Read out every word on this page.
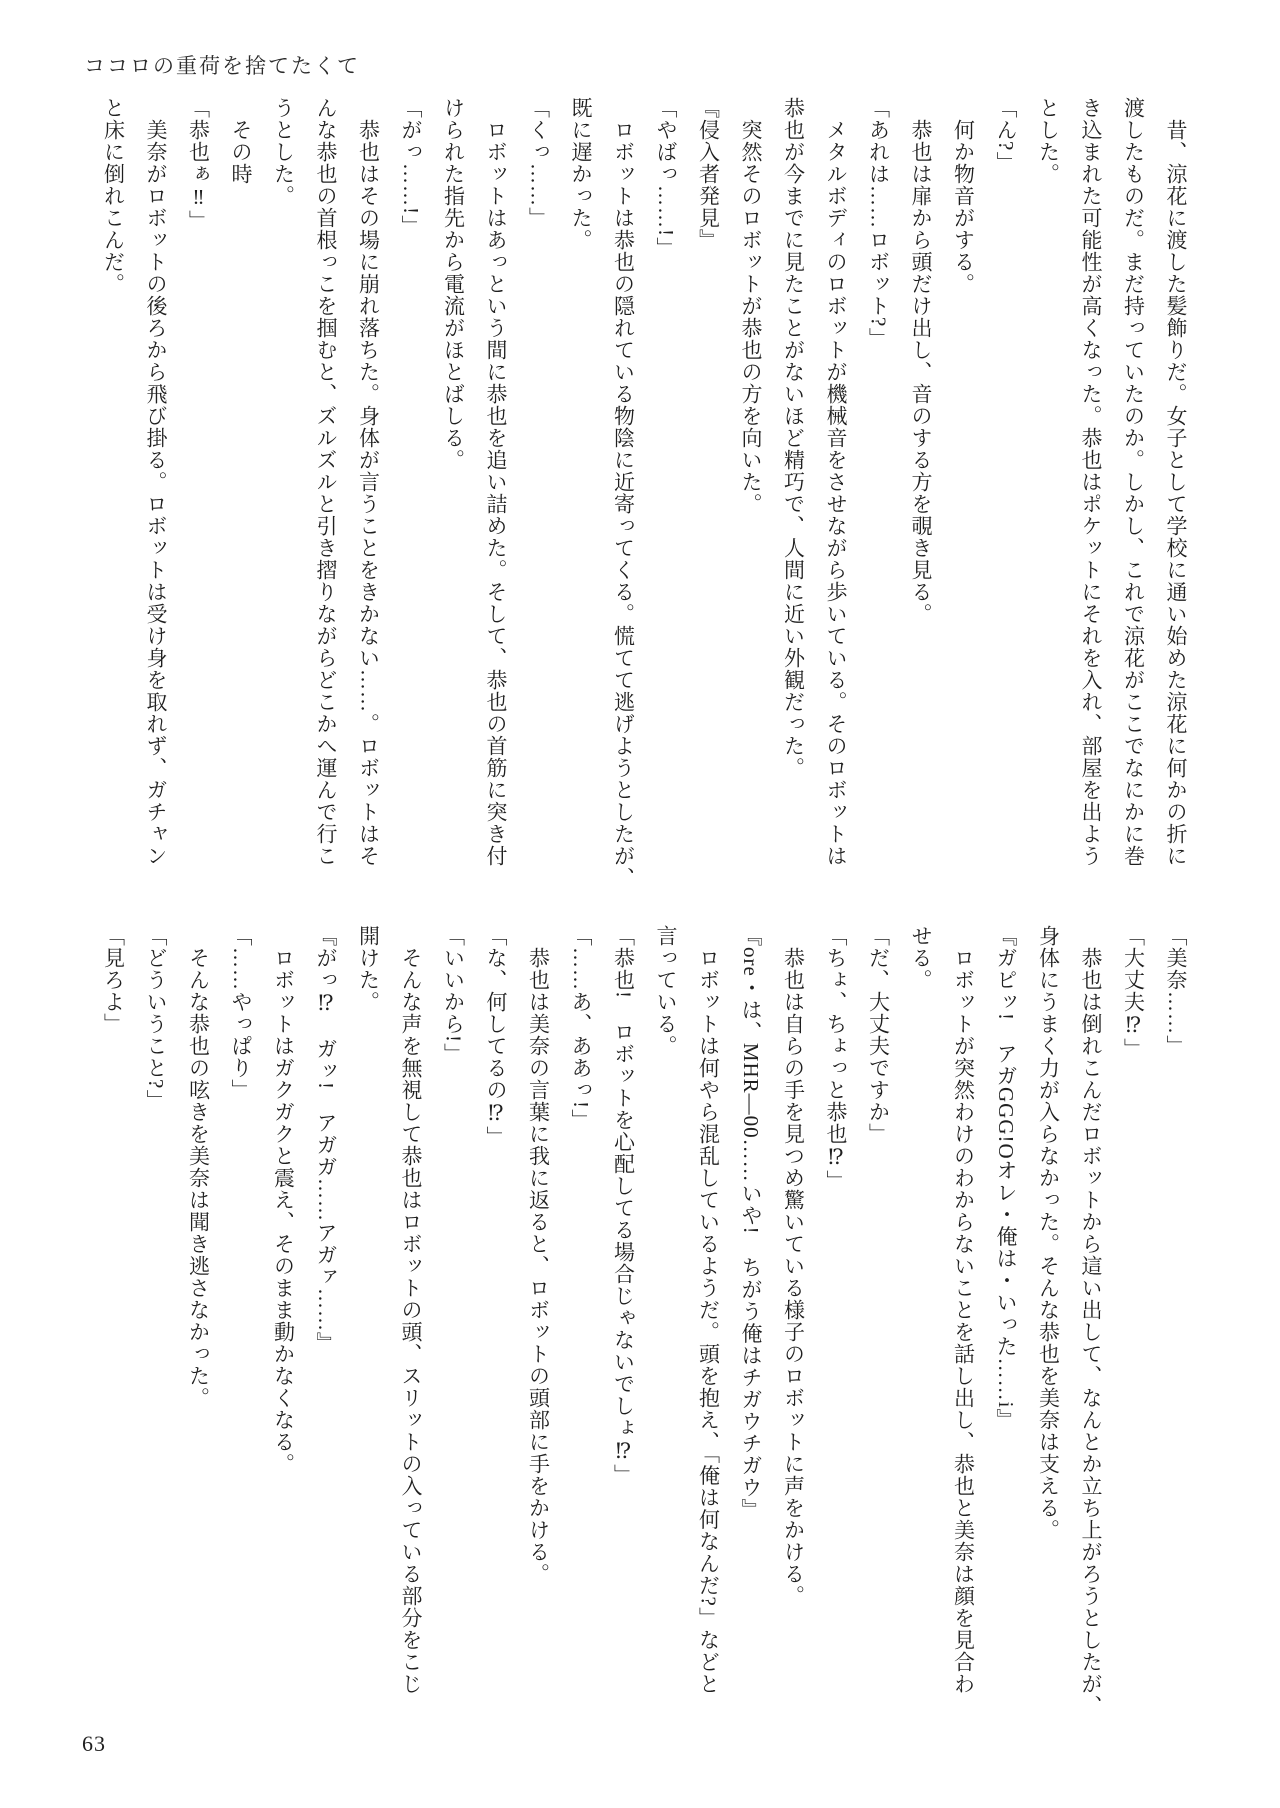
ココロの重荷を捨てたくて
　昔、涼花に渡した髪飾りだ。女子として学校に通い始めた涼花に何かの折に
渡したものだ。まだ持っていたのか。しかし、これで涼花がここでなにかに巻
き込まれた可能性が高くなった。恭也はポケットにそれを入れ、部屋を出よう
とした。
「ん?」
　何か物音がする。
　恭也は扉から頭だけ出し、音のする方を覗き見る。
「あれは……ロボット?」
　メタルボディのロボットが機械音をさせながら歩いている。そのロボットは
恭也が今までに見たことがないほど精巧で、人間に近い外観だった。
　突然そのロボットが恭也の方を向いた。
『侵入者発見』
「やばっ……!」
　ロボットは恭也の隠れている物陰に近寄ってくる。慌てて逃げようとしたが、
既に遅かった。
「くっ……」
　ロボットはあっという間に恭也を追い詰めた。そして、恭也の首筋に突き付
けられた指先から電流がほとばしる。
「がっ……!」
　恭也はその場に崩れ落ちた。身体が言うことをきかない……。ロボットはそ
んな恭也の首根っこを掴むと、ズルズルと引き摺りながらどこかへ運んで行こ
うとした。
　その時
「恭也ぁ‼」
　美奈がロボットの後ろから飛び掛る。ロボットは受け身を取れず、ガチャン
と床に倒れこんだ。
「美奈……」
「大丈夫⁉」
　恭也は倒れこんだロボットから這い出して、なんとか立ち上がろうとしたが、
身体にうまく力が入らなかった。そんな恭也を美奈は支える。
『ガピッ!　アガGGG!Oオレ・俺は・いった……i』
　ロボットが突然わけのわからないことを話し出し、恭也と美奈は顔を見合わ
せる。
「だ、大丈夫ですか」
「ちょ、ちょっと恭也⁉」
　恭也は自らの手を見つめ驚いている様子のロボットに声をかける。
『ore・は、MHR―00……いや!　ちがう俺はチガウチガウ』
　ロボットは何やら混乱しているようだ。頭を抱え、「俺は何なんだ?」などと
言っている。
「恭也!　ロボットを心配してる場合じゃないでしょ⁉」
「……あ、ああっ!」
　恭也は美奈の言葉に我に返ると、ロボットの頭部に手をかける。
「な、何してるの⁉」
「いいから!」
　そんな声を無視して恭也はロボットの頭、スリットの入っている部分をこじ
開けた。
『がっ⁉　ガッ!　アガガ……アガァ……』
　ロボットはガクガクと震え、そのまま動かなくなる。
「……やっぱり」
　そんな恭也の呟きを美奈は聞き逃さなかった。
「どういうこと?」
「見ろよ」
63
